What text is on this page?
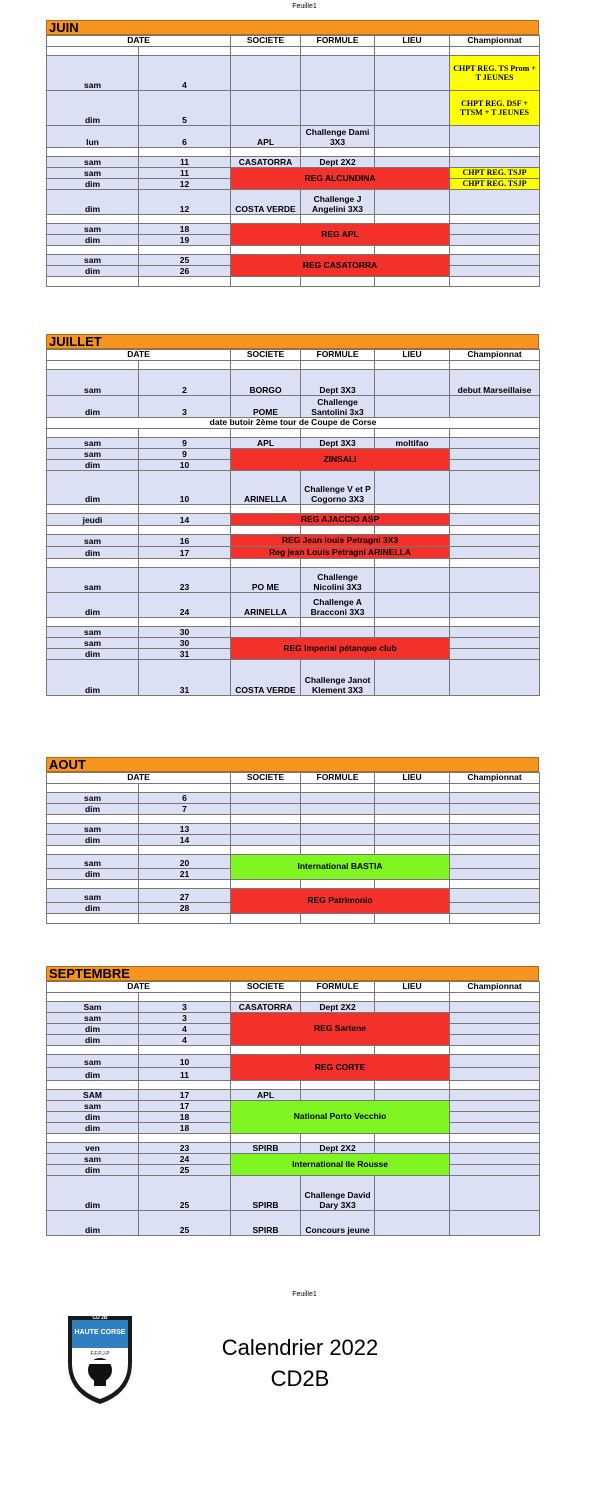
Feuille1
JUIN
DATE		SOCIETE	FORMULE	LIEU	Championnat

sam	4				CHPT REG. TS Prom + T JEUNES
dim	5				CHPT REG. DSF + TTSM + T JEUNES
lun	6	APL	Challenge Dami 3X3		

sam	11	CASATORRA	Dept 2X2		
sam	11	REG ALCUNDINA			CHPT REG. TSJP
dim	12				CHPT REG. TSJP
dim	12	COSTA VERDE	Challenge J Angelini 3X3		

sam	18	REG APL			
dim	19				

sam	25	REG CASATORRA			
dim	26				

JUILLET
DATE		SOCIETE	FORMULE	LIEU	Championnat

sam	2	BORGO	Dept 3X3		debut Marseillaise
dim	3	POME	Challenge Santolini 3x3		
date butoir 2ème tour de Coupe de Corse					

sam	9	APL	Dept 3X3	moltifao	
sam	9	ZINSALI			
dim	10				
dim	10	ARINELLA	Challenge V et P Cogorno 3X3		

jeudi	14	REG AJACCIO ASP			

sam	16	REG Jean louis Petragni 3X3			
dim	17	Reg jean Louis Petragni ARINELLA			

sam	23	PO ME	Challenge Nicolini 3X3		
dim	24	ARINELLA	Challenge A Bracconi 3X3		

sam	30				
sam	30	REG Imperial pétanque club			
dim	31				
dim	31	COSTA VERDE	Challenge Janot Klement 3X3		
AOUT
DATE		SOCIETE	FORMULE	LIEU	Championnat

sam	6				
dim	7				

sam	13				
dim	14				

sam	20	International BASTIA			
dim	21				

sam	27	REG Patrimonio			
dim	28				

SEPTEMBRE
DATE		SOCIETE	FORMULE	LIEU	Championnat

Sam	3	CASATORRA	Dept 2X2		
sam	3	REG Sartene			
dim	4				
dim	4				

sam	10	REG CORTE			
dim	11				

SAM	17	APL			
sam	17	National Porto Vecchio			
dim	18				
dim	18				

ven	23	SPIRB	Dept 2X2		
sam	24	International Ile Rousse			
dim	25				
dim	25	SPIRB	Challenge David Dary 3X3		
dim	25	SPIRB	Concours jeune		
Feuille1
CD 2B
HAUTE CORSE
F.F.P.J.P	Calendrier 2022
CD2B
